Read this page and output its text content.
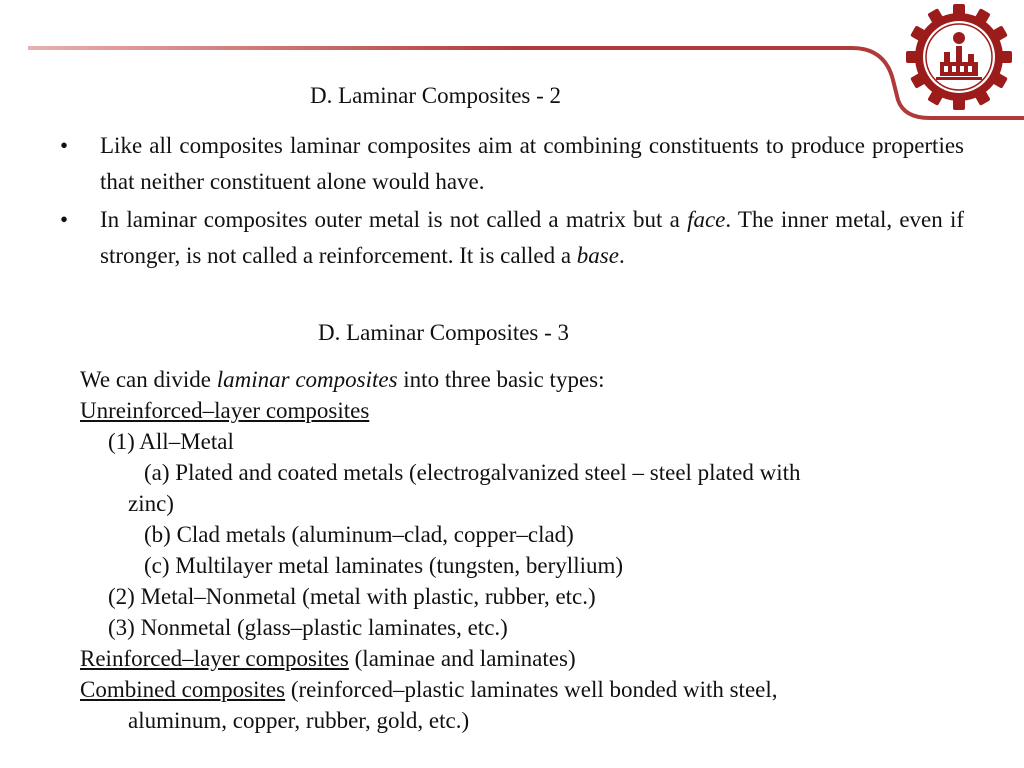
D. Laminar Composites - 2
• Like all composites laminar composites aim at combining constituents to produce properties that neither constituent alone would have.
• In laminar composites outer metal is not called a matrix but a face. The inner metal, even if stronger, is not called a reinforcement. It is called a base.
D. Laminar Composites - 3
We can divide laminar composites into three basic types:
Unreinforced–layer composites
(1) All–Metal
(a) Plated and coated metals (electrogalvanized steel – steel plated with
zinc)
(b) Clad metals (aluminum–clad, copper–clad)
(c) Multilayer metal laminates (tungsten, beryllium)
(2) Metal–Nonmetal (metal with plastic, rubber, etc.)
(3) Nonmetal (glass–plastic laminates, etc.)
Reinforced–layer composites (laminae and laminates)
Combined composites (reinforced–plastic laminates well bonded with steel,
aluminum, copper, rubber, gold, etc.)
